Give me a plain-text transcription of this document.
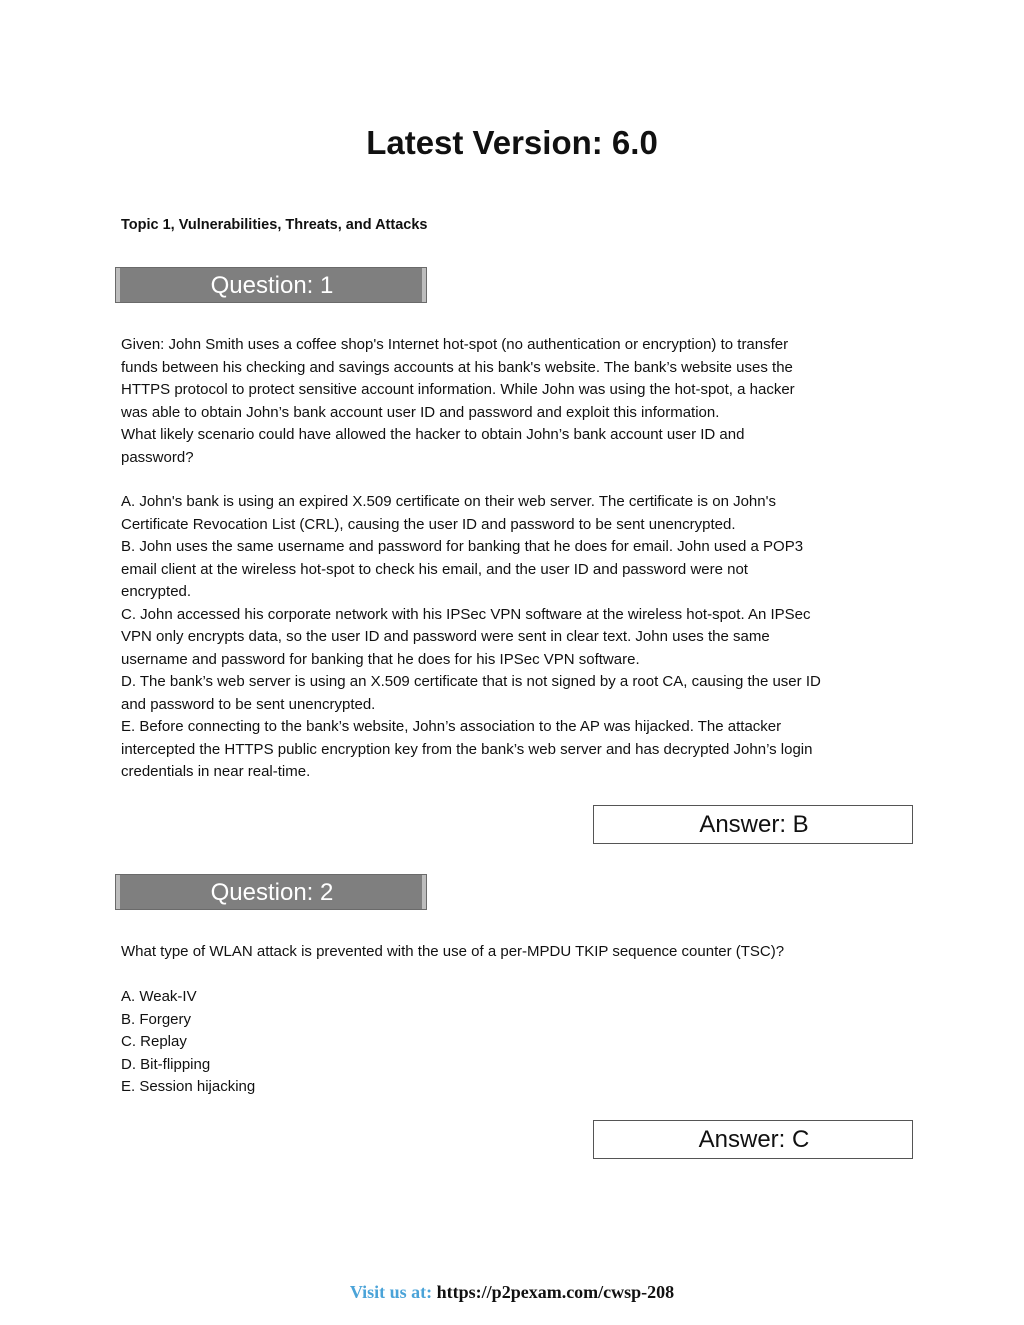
Latest Version: 6.0
Topic 1, Vulnerabilities, Threats, and Attacks
Question: 1
Given: John Smith uses a coffee shop's Internet hot-spot (no authentication or encryption) to transfer
funds between his checking and savings accounts at his bank's website. The bank’s website uses the
HTTPS protocol to protect sensitive account information. While John was using the hot-spot, a hacker
was able to obtain John’s bank account user ID and password and exploit this information.
What likely scenario could have allowed the hacker to obtain John’s bank account user ID and
password?
A. John's bank is using an expired X.509 certificate on their web server. The certificate is on John's
Certificate Revocation List (CRL), causing the user ID and password to be sent unencrypted.
B. John uses the same username and password for banking that he does for email. John used a POP3
email client at the wireless hot-spot to check his email, and the user ID and password were not
encrypted.
C. John accessed his corporate network with his IPSec VPN software at the wireless hot-spot. An IPSec
VPN only encrypts data, so the user ID and password were sent in clear text. John uses the same
username and password for banking that he does for his IPSec VPN software.
D. The bank’s web server is using an X.509 certificate that is not signed by a root CA, causing the user ID
and password to be sent unencrypted.
E. Before connecting to the bank’s website, John’s association to the AP was hijacked. The attacker
intercepted the HTTPS public encryption key from the bank’s web server and has decrypted John’s login
credentials in near real-time.
Answer: B
Question: 2
What type of WLAN attack is prevented with the use of a per-MPDU TKIP sequence counter (TSC)?
A. Weak-IV
B. Forgery
C. Replay
D. Bit-flipping
E. Session hijacking
Answer: C
Visit us at: https://p2pexam.com/cwsp-208
